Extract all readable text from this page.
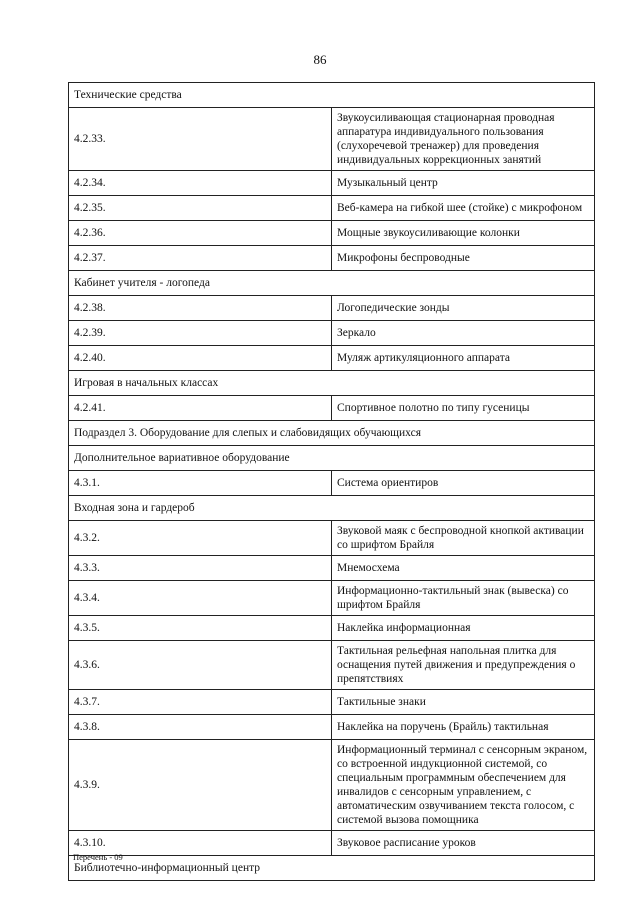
86
Технические средства	
4.2.33.	Звукоусиливающая стационарная проводная аппаратура индивидуального пользования (слухоречевой тренажер) для проведения индивидуальных коррекционных занятий
4.2.34.	Музыкальный центр
4.2.35.	Веб-камера на гибкой шее (стойке) с микрофоном
4.2.36.	Мощные звукоусиливающие колонки
4.2.37.	Микрофоны беспроводные
Кабинет учителя - логопеда	
4.2.38.	Логопедические зонды
4.2.39.	Зеркало
4.2.40.	Муляж артикуляционного аппарата
Игровая в начальных классах	
4.2.41.	Спортивное полотно по типу гусеницы
Подраздел 3. Оборудование для слепых и слабовидящих обучающихся	
Дополнительное вариативное оборудование	
4.3.1.	Система ориентиров
Входная зона и гардероб	
4.3.2.	Звуковой маяк с беспроводной кнопкой активации со шрифтом Брайля
4.3.3.	Мнемосхема
4.3.4.	Информационно-тактильный знак (вывеска) со шрифтом Брайля
4.3.5.	Наклейка информационная
4.3.6.	Тактильная рельефная напольная плитка для оснащения путей движения и предупреждения о препятствиях
4.3.7.	Тактильные знаки
4.3.8.	Наклейка на поручень (Брайль) тактильная
4.3.9.	Информационный терминал с сенсорным экраном, со встроенной индукционной системой, со специальным программным обеспечением для инвалидов с сенсорным управлением, с автоматическим озвучиванием текста голосом, с системой вызова помощника
4.3.10.	Звуковое расписание уроков
Библиотечно-информационный центр	
Перечень - 09
